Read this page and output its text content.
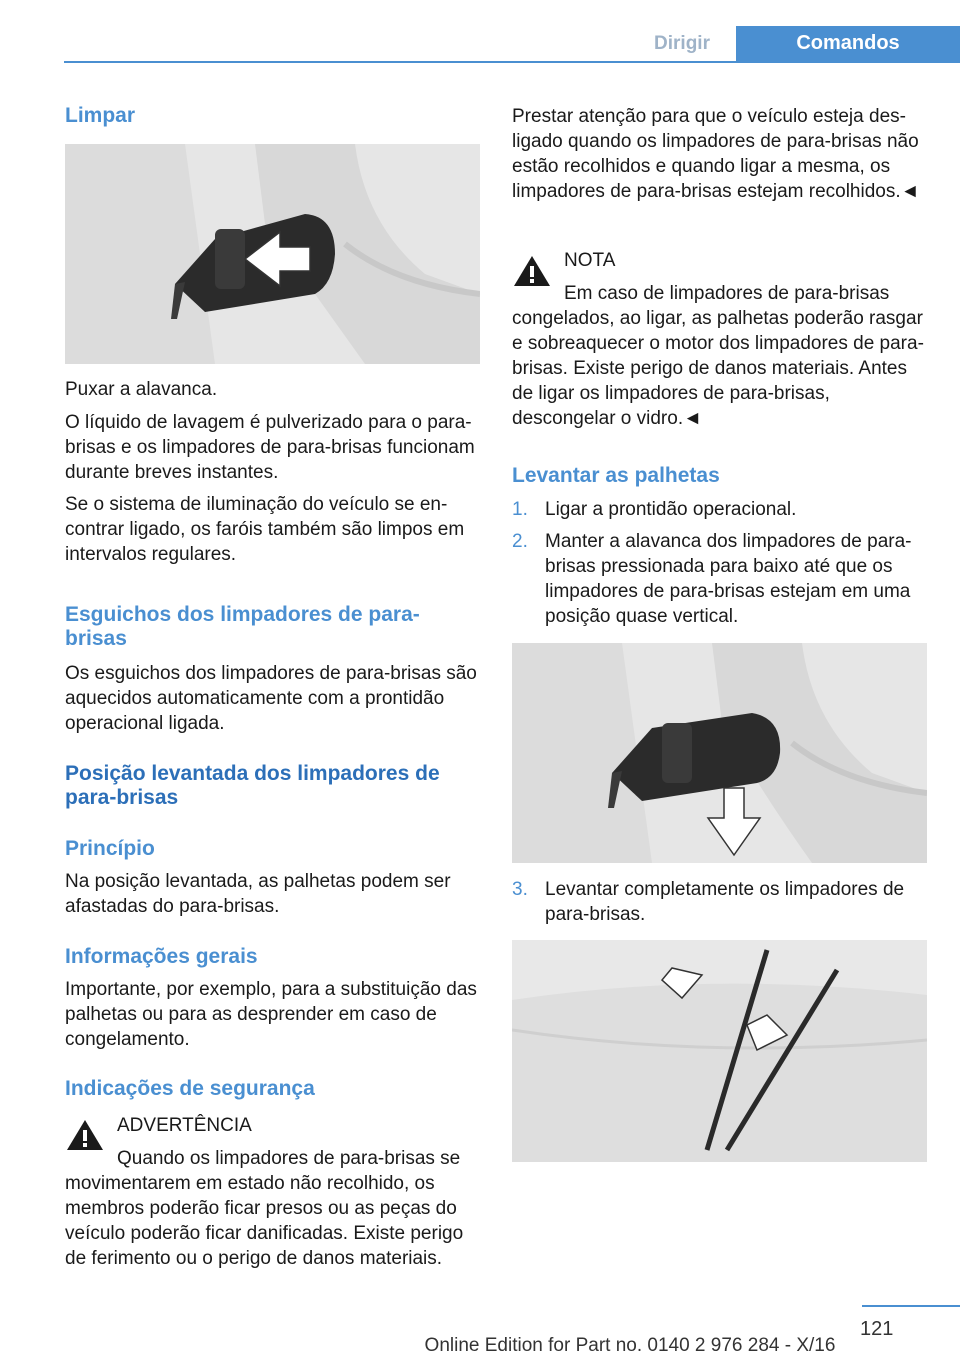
Dirigir	Comandos
Limpar

Puxar a alavanca.

O líquido de lavagem é pulverizado para o para-brisas e os limpadores de para-brisas funcionam durante breves instantes.

Se o sistema de iluminação do veículo se encontrar ligado, os faróis também são limpos em intervalos regulares.

Esguichos dos limpadores de parabrisas

Os esguichos dos limpadores de para-brisas são aquecidos automaticamente com a prontidão operacional ligada.

Posição levantada dos limpadores de para-brisas
Princípio

Na posição levantada, as palhetas podem ser afastadas do para-brisas.

Informações gerais

Importante, por exemplo, para a substituição das palhetas ou para as desprender em caso de congelamento.

Indicações de segurança
ADVERTÊNCIA

Quando os limpadores de para-brisas se movimentarem em estado não recolhido, os membros poderão ficar presos ou as peças do veículo poderão ficar danificadas. Existe perigo de ferimento ou o perigo de danos materiais.

Prestar atenção para que o veículo esteja desligado quando os limpadores de para-brisas não estão recolhidos e quando ligar a mesma, os limpadores de para-brisas estejam recolhidos.◄

NOTA

Em caso de limpadores de para-brisas congelados, ao ligar, as palhetas poderão rasgar e sobreaquecer o motor dos limpadores de para-brisas. Existe perigo de danos materiais. Antes de ligar os limpadores de para-brisas, descongelar o vidro.◄

Levantar as palhetas
1. Ligar a prontidão operacional.
2. Manter a alavanca dos limpadores de para-brisas pressionada para baixo até que os limpadores de para-brisas estejam em uma posição quase vertical.
3. Levantar completamente os limpadores de para-brisas.
121
Online Edition for Part no. 0140 2 976 284 - X/16
